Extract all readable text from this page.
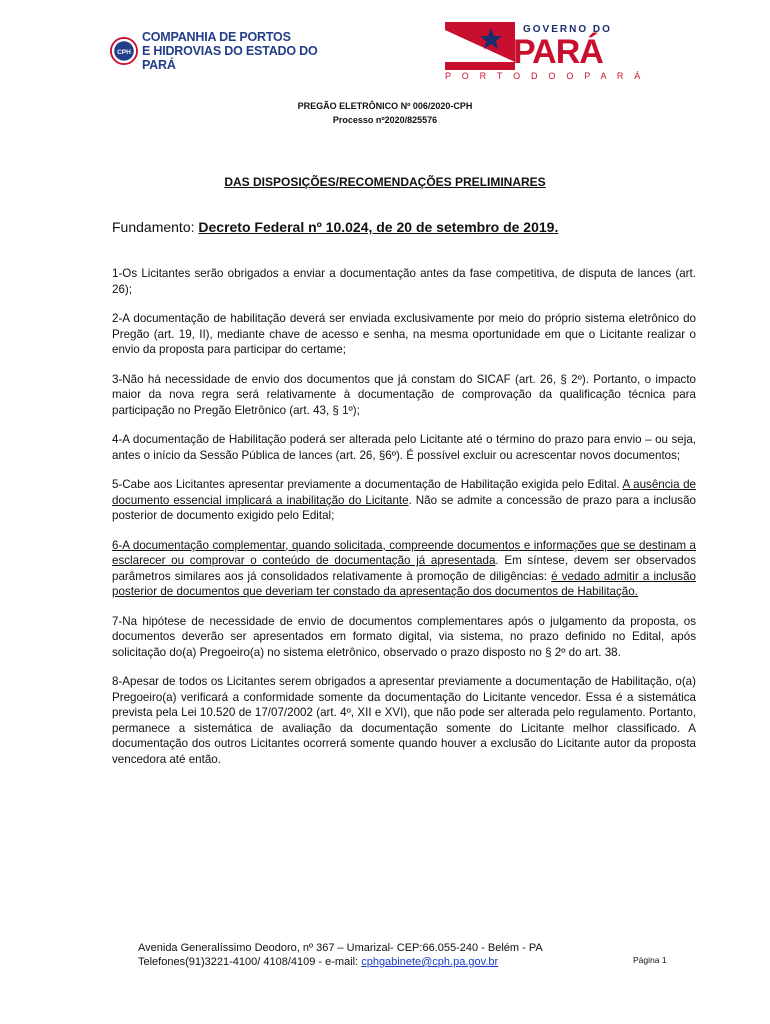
CPH
COMPANHIA DE PORTOS
E HIDROVIAS DO ESTADO DO PARÁ
GOVERNO DO
PARÁ
P O R T O D O O P A R Á
PREGÃO ELETRÔNICO Nº 006/2020-CPH
Processo nº2020/825576
DAS DISPOSIÇÕES/RECOMENDAÇÕES PRELIMINARES
Fundamento: Decreto Federal nº 10.024, de 20 de setembro de 2019.

1-Os Licitantes serão obrigados a enviar a documentação antes da fase competitiva, de disputa de lances (art. 26);

2-A documentação de habilitação deverá ser enviada exclusivamente por meio do próprio sistema eletrônico do Pregão (art. 19, II), mediante chave de acesso e senha, na mesma oportunidade em que o Licitante realizar o envio da proposta para participar do certame;

3-Não há necessidade de envio dos documentos que já constam do SICAF (art. 26, § 2º). Portanto, o impacto maior da nova regra será relativamente à documentação de comprovação da qualificação técnica para participação no Pregão Eletrônico (art. 43, § 1º);

4-A documentação de Habilitação poderá ser alterada pelo Licitante até o término do prazo para envio – ou seja, antes o início da Sessão Pública de lances (art. 26, §6º). É possível excluir ou acrescentar novos documentos;

5-Cabe aos Licitantes apresentar previamente a documentação de Habilitação exigida pelo Edital. A ausência de documento essencial implicará a inabilitação do Licitante. Não se admite a concessão de prazo para a inclusão posterior de documento exigido pelo Edital;

6-A documentação complementar, quando solicitada, compreende documentos e informações que se destinam a esclarecer ou comprovar o conteúdo de documentação já apresentada. Em síntese, devem ser observados parâmetros similares aos já consolidados relativamente à promoção de diligências: é vedado admitir a inclusão posterior de documentos que deveriam ter constado da apresentação dos documentos de Habilitação.

7-Na hipótese de necessidade de envio de documentos complementares após o julgamento da proposta, os documentos deverão ser apresentados em formato digital, via sistema, no prazo definido no Edital, após solicitação do(a) Pregoeiro(a) no sistema eletrônico, observado o prazo disposto no § 2º do art. 38.

8-Apesar de todos os Licitantes serem obrigados a apresentar previamente a documentação de Habilitação, o(a) Pregoeiro(a) verificará a conformidade somente da documentação do Licitante vencedor. Essa é a sistemática prevista pela Lei 10.520 de 17/07/2002 (art. 4º, XII e XVI), que não pode ser alterada pelo regulamento. Portanto, permanece a sistemática de avaliação da documentação somente do Licitante melhor classificado. A documentação dos outros Licitantes ocorrerá somente quando houver a exclusão do Licitante autor da proposta vencedora até então.

Avenida Generalíssimo Deodoro, nº 367 – Umarizal- CEP:66.055-240 - Belém - PA
Telefones(91)3221-4100/ 4108/4109 - e-mail: cphgabinete@cph.pa.gov.br	Página 1
